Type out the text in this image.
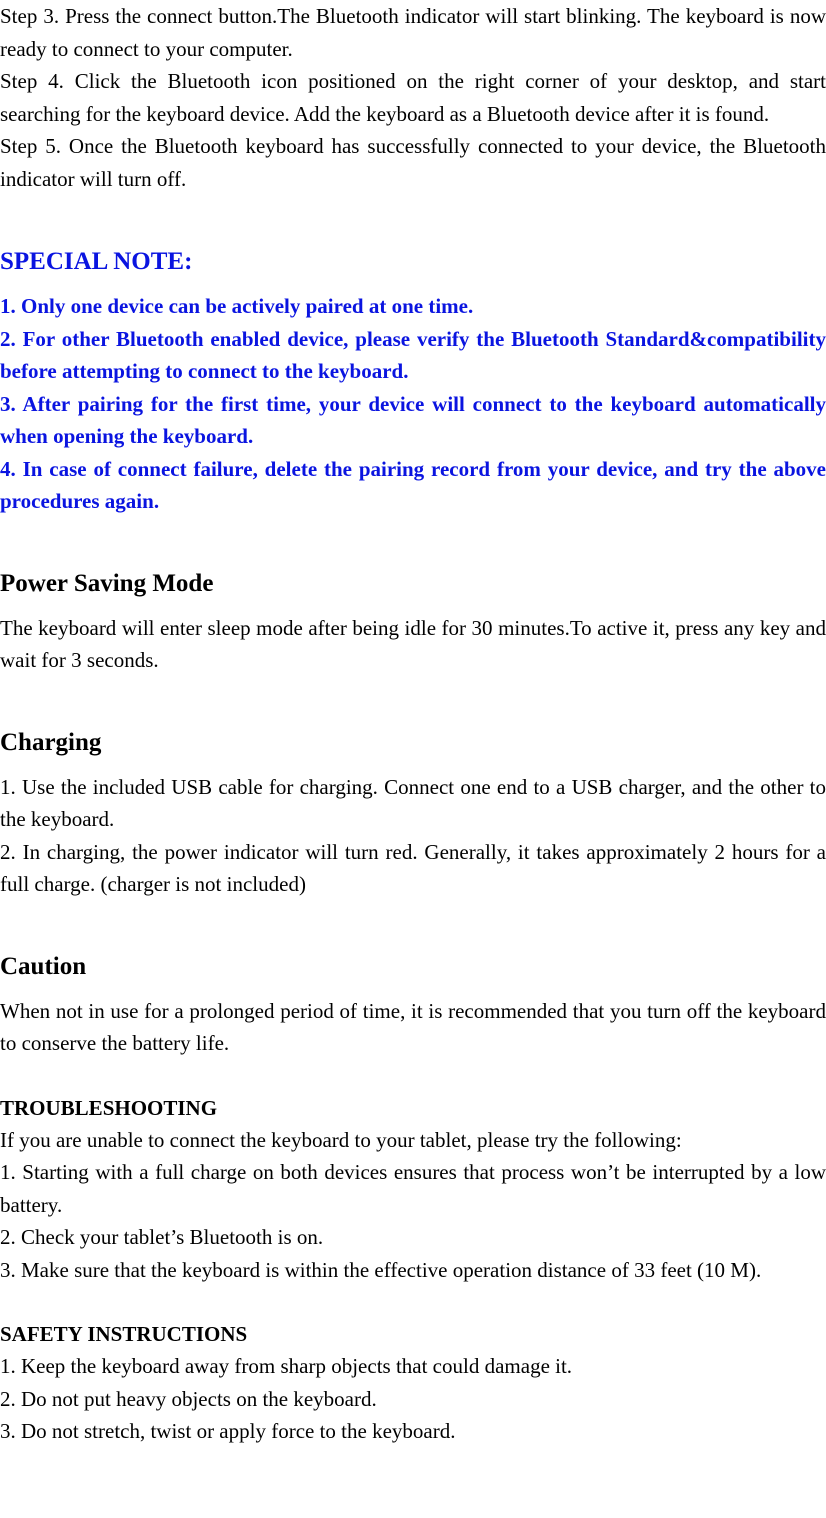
Step 3. Press the connect button.The Bluetooth indicator will start blinking. The keyboard is now ready to connect to your computer.

Step 4. Click the Bluetooth icon positioned on the right corner of your desktop, and start searching for the keyboard device. Add the keyboard as a Bluetooth device after it is found.

Step 5. Once the Bluetooth keyboard has successfully connected to your device, the Bluetooth indicator will turn off.

SPECIAL NOTE:

1. Only one device can be actively paired at one time.

2. For other Bluetooth enabled device, please verify the Bluetooth Standard&compatibility before attempting to connect to the keyboard.

3. After pairing for the first time, your device will connect to the keyboard automatically when opening the keyboard.

4. In case of connect failure, delete the pairing record from your device, and try the above procedures again.

Power Saving Mode

The keyboard will enter sleep mode after being idle for 30 minutes.To active it, press any key and wait for 3 seconds.

Charging

1. Use the included USB cable for charging. Connect one end to a USB charger, and the other to the keyboard.

2. In charging, the power indicator will turn red. Generally, it takes approximately 2 hours for a full charge. (charger is not included)

Caution

When not in use for a prolonged period of time, it is recommended that you turn off the keyboard to conserve the battery life.

TROUBLESHOOTING

If you are unable to connect the keyboard to your tablet, please try the following:

1. Starting with a full charge on both devices ensures that process won’t be interrupted by a low battery.

2. Check your tablet’s Bluetooth is on.

3. Make sure that the keyboard is within the effective operation distance of 33 feet (10 M).

SAFETY INSTRUCTIONS

1. Keep the keyboard away from sharp objects that could damage it.

2. Do not put heavy objects on the keyboard.

3. Do not stretch, twist or apply force to the keyboard.
